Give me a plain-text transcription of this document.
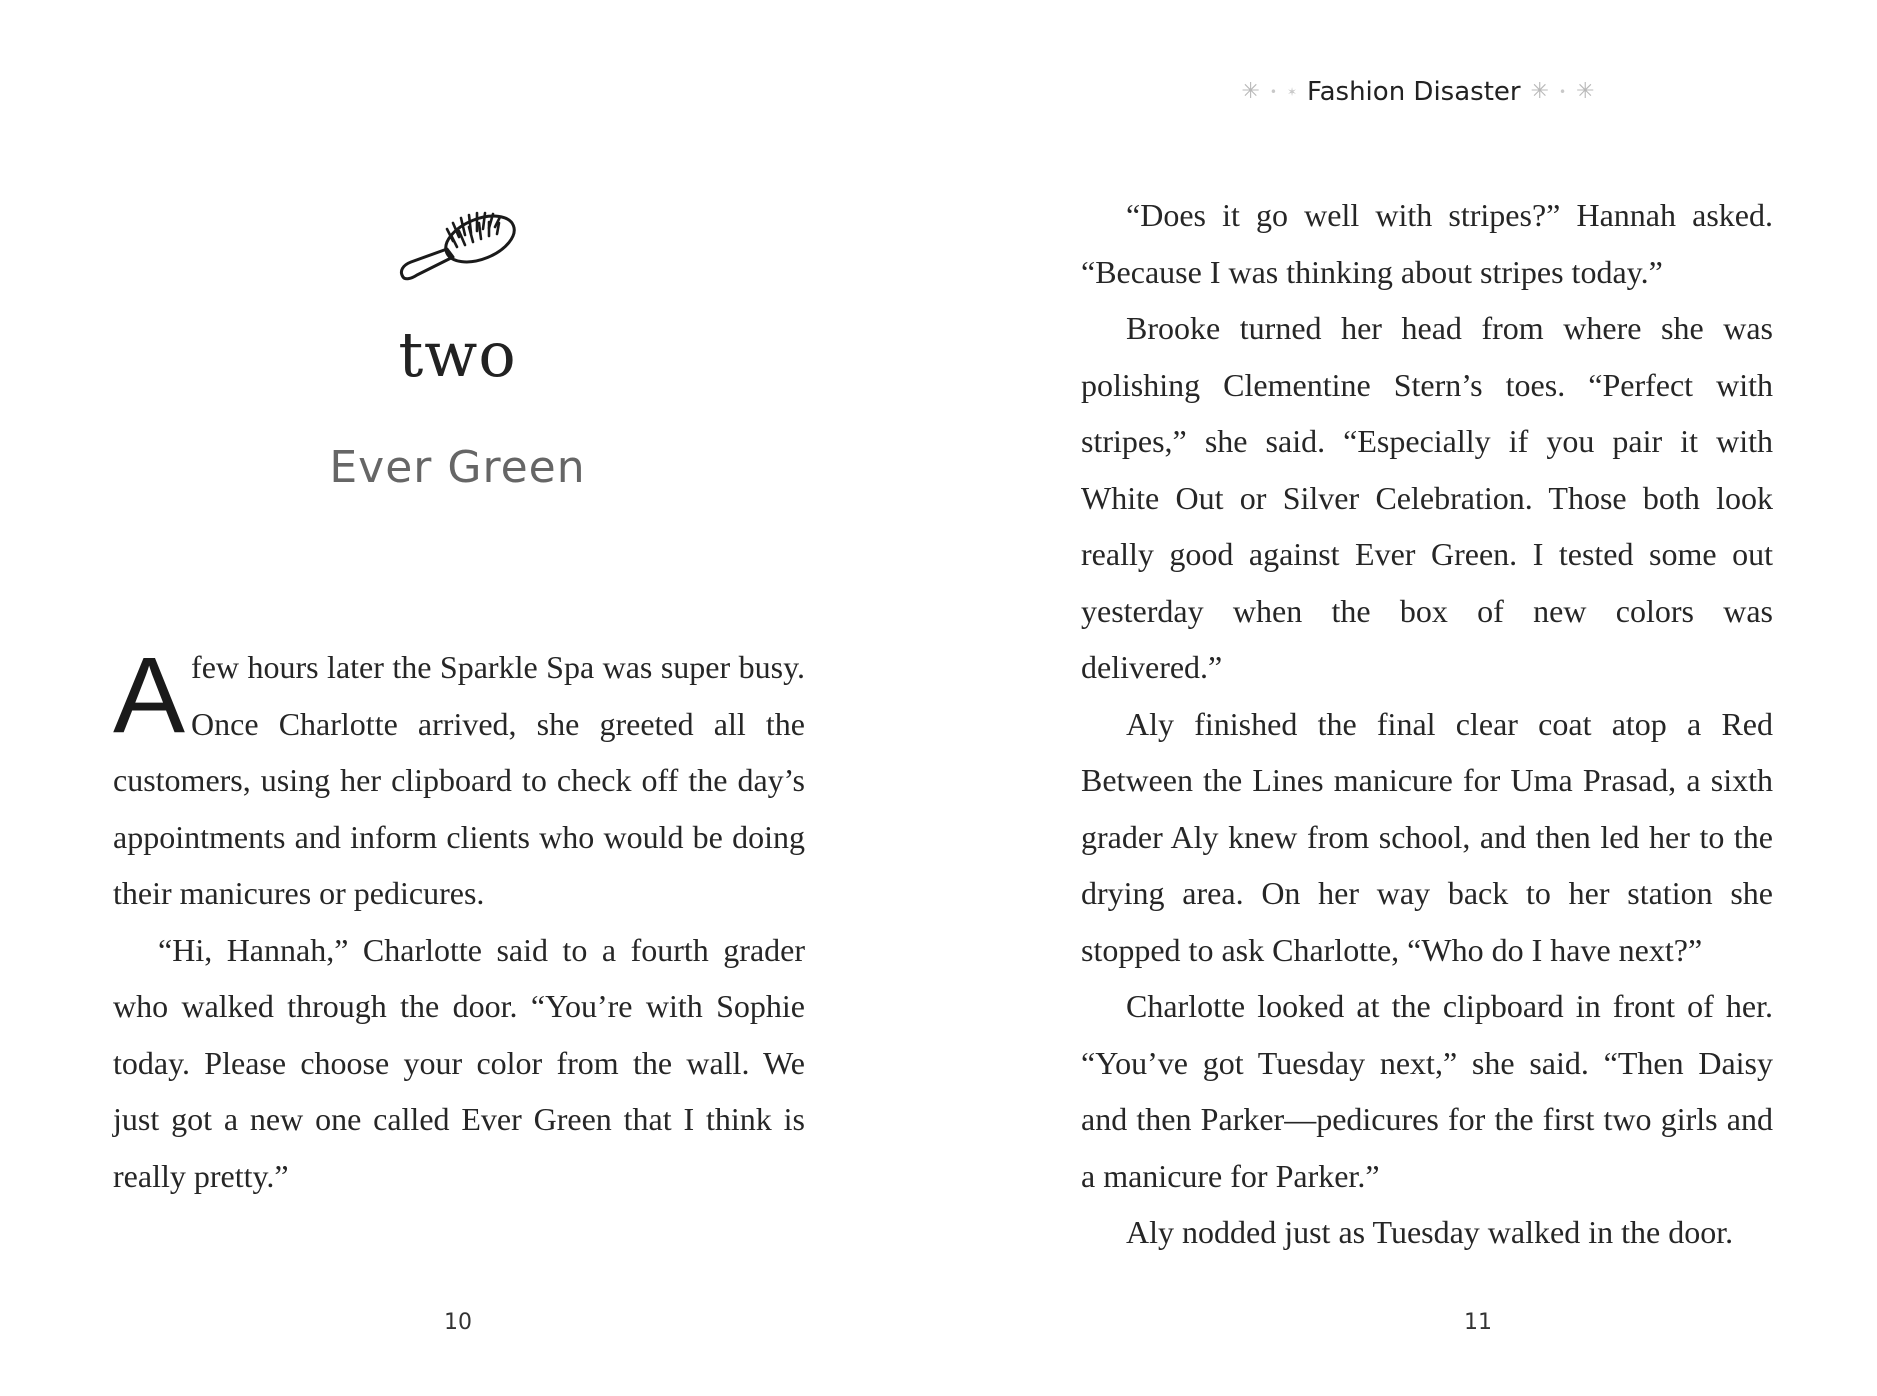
two
Ever Green

Afew hours later the Sparkle Spa was super busy. Once Charlotte arrived, she greeted all the customers, using her clipboard to check off the day’s appointments and inform clients who would be doing their manicures or pedicures.

“Hi, Hannah,” Charlotte said to a fourth grader who walked through the door. “You’re with Sophie today. Please choose your color from the wall. We just got a new one called Ever Green that I think is really pretty.”

10
✳ • ✶ Fashion Disaster ✳ • ✳

“Does it go well with stripes?” Hannah asked. “Because I was thinking about stripes today.”

Brooke turned her head from where she was polishing Clementine Stern’s toes. “Perfect with stripes,” she said. “Especially if you pair it with White Out or Silver Celebration. Those both look really good against Ever Green. I tested some out yesterday when the box of new colors was delivered.”

Aly finished the final clear coat atop a Red Between the Lines manicure for Uma Prasad, a sixth grader Aly knew from school, and then led her to the drying area. On her way back to her station she stopped to ask Charlotte, “Who do I have next?”

Charlotte looked at the clipboard in front of her. “You’ve got Tuesday next,” she said. “Then Daisy and then Parker—pedicures for the first two girls and a manicure for Parker.”

Aly nodded just as Tuesday walked in the door.

11
